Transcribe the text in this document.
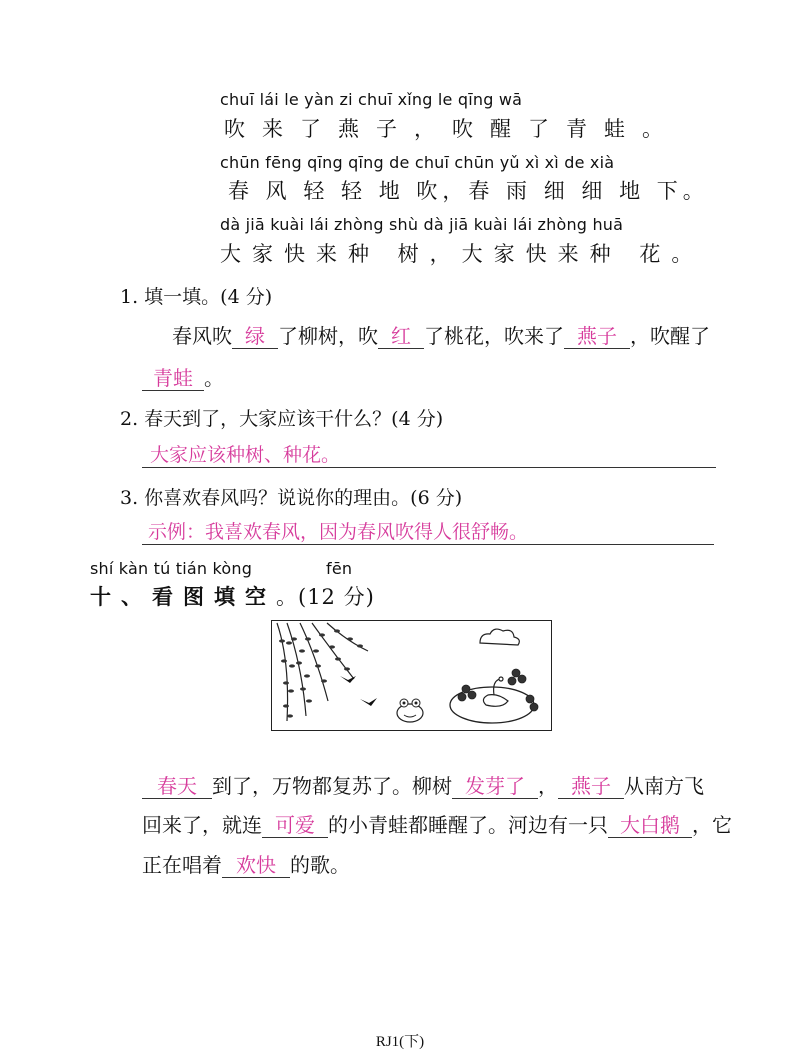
chuī lái le yàn zi chuī xǐng le qīng wā
吹来了燕子，吹醒了青蛙。
chūn fēng qīng qīng de chuī chūn yǔ xì xì de xià
春 风 轻 轻 地 吹，春 雨 细 细 地 下。
dà jiā kuài lái zhòng shù dà jiā kuài lái zhòng huā
大家快来种 树，大家快来种 花。
1. 填一填。(4 分)
春风吹 绿 了柳树，吹 红 了桃花，吹来了 燕子 ，吹醒了
青蛙 。
2. 春天到了，大家应该干什么？(4 分)
大家应该种树、种花。
3. 你喜欢春风吗？说说你的理由。(6 分)
示例：我喜欢春风，因为春风吹得人很舒畅。
shí kàn tú tián kòng	fēn
十、看图填空。(12 分)
春天 到了，万物都复苏了。柳树 发芽了 ， 燕子 从南方飞
回来了，就连 可爱 的小青蛙都睡醒了。河边有一只 大白鹅 ，它
正在唱着 欢快 的歌。
RJ1(下)
